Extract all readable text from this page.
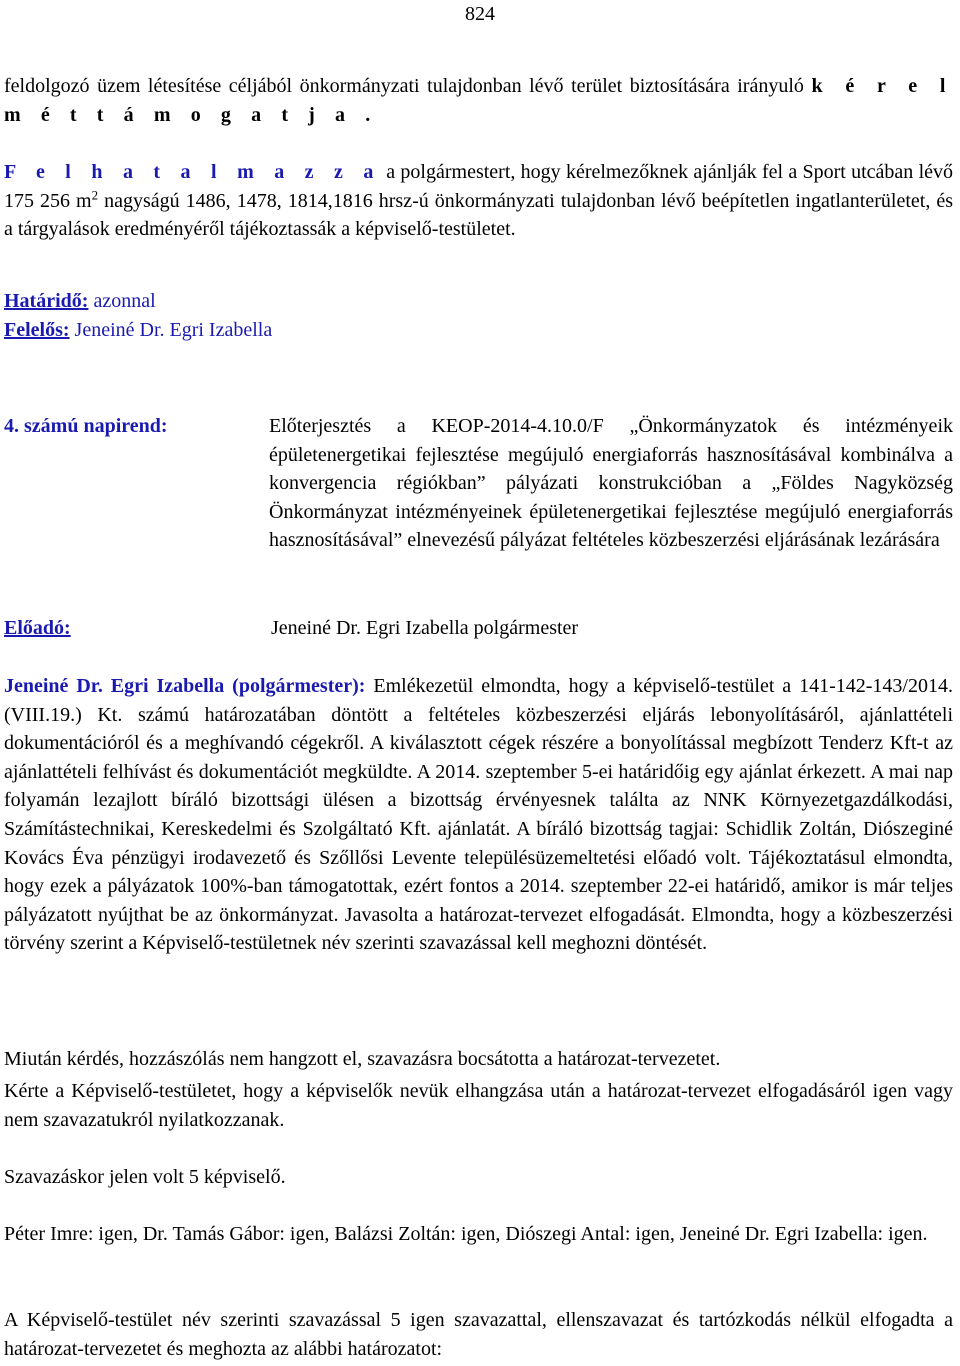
824
feldolgozó üzem létesítése céljából önkormányzati tulajdonban lévő terület biztosítására irányuló k é r e l m é t t á m o g a t j a .
F e l h a t a l m a z z a a polgármestert, hogy kérelmezőknek ajánlják fel a Sport utcában lévő 175 256 $m^2$ nagyságú 1486, 1478, 1814,1816 hrsz-ú önkormányzati tulajdonban lévő beépítetlen ingatlanterületet, és a tárgyalások eredményéről tájékoztassák a képviselő-testületet.
Határidő: azonnal
Felelős: Jeneiné Dr. Egri Izabella
4. számú napirend:	Előterjesztés a KEOP-2014-4.10.0/F „Önkormányzatok és intézményeik épületenergetikai fejlesztése megújuló energiaforrás hasznosításával kombinálva a konvergencia régiókban” pályázati konstrukcióban a „Földes Nagyközség Önkormányzat intézményeinek épületenergetikai fejlesztése megújuló energiaforrás hasznosításával” elnevezésű pályázat feltételes közbeszerzési eljárásának lezárására
Előadó:	Jeneiné Dr. Egri Izabella polgármester
Jeneiné Dr. Egri Izabella (polgármester): Emlékezetül elmondta, hogy a képviselő-testület a 141-142-143/2014. (VIII.19.) Kt. számú határozatában döntött a feltételes közbeszerzési eljárás lebonyolításáról, ajánlattételi dokumentációról és a meghívandó cégekről. A kiválasztott cégek részére a bonyolítással megbízott Tenderz Kft-t az ajánlattételi felhívást és dokumentációt megküldte. A 2014. szeptember 5-ei határidőig egy ajánlat érkezett. A mai nap folyamán lezajlott bíráló bizottsági ülésen a bizottság érvényesnek találta az NNK Környezetgazdálkodási, Számítástechnikai, Kereskedelmi és Szolgáltató Kft. ajánlatát. A bíráló bizottság tagjai: Schidlik Zoltán, Diószeginé Kovács Éva pénzügyi irodavezető és Szőllősi Levente településüzemeltetési előadó volt. Tájékoztatásul elmondta, hogy ezek a pályázatok 100%-ban támogatottak, ezért fontos a 2014. szeptember 22-ei határidő, amikor is már teljes pályázatott nyújthat be az önkormányzat. Javasolta a határozat-tervezet elfogadását. Elmondta, hogy a közbeszerzési törvény szerint a Képviselő-testületnek név szerinti szavazással kell meghozni döntését.
Miután kérdés, hozzászólás nem hangzott el, szavazásra bocsátotta a határozat-tervezetet.
Kérte a Képviselő-testületet, hogy a képviselők nevük elhangzása után a határozat-tervezet elfogadásáról igen vagy nem szavazatukról nyilatkozzanak.
Szavazáskor jelen volt 5 képviselő.
Péter Imre: igen, Dr. Tamás Gábor: igen, Balázsi Zoltán: igen, Diószegi Antal: igen, Jeneiné Dr. Egri Izabella: igen.
A Képviselő-testület név szerinti szavazással 5 igen szavazattal, ellenszavazat és tartózkodás nélkül elfogadta a határozat-tervezetet és meghozta az alábbi határozatot:
